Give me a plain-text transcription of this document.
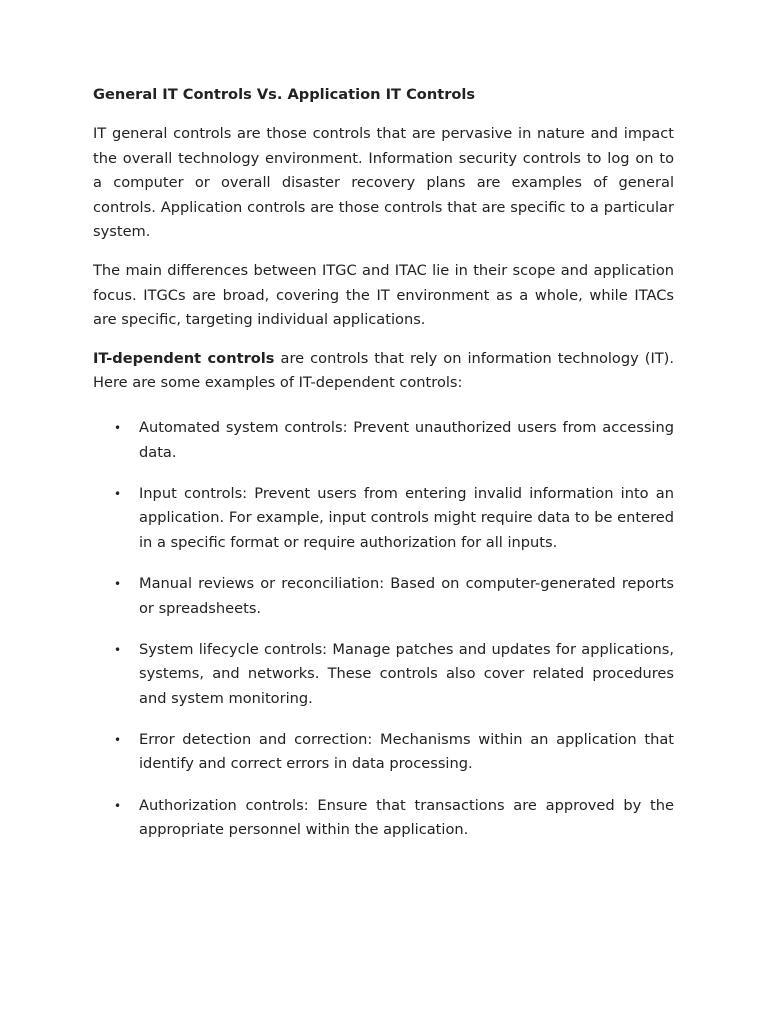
General IT Controls Vs. Application IT Controls

IT general controls are those controls that are pervasive in nature and impact the overall technology environment. Information security controls to log on to a computer or overall disaster recovery plans are examples of general controls. Application controls are those controls that are specific to a particular system.

The main differences between ITGC and ITAC lie in their scope and application focus. ITGCs are broad, covering the IT environment as a whole, while ITACs are specific, targeting individual applications.

IT-dependent controls are controls that rely on information technology (IT). Here are some examples of IT-dependent controls:

• Automated system controls: Prevent unauthorized users from accessing data.
• Input controls: Prevent users from entering invalid information into an application. For example, input controls might require data to be entered in a specific format or require authorization for all inputs.
• Manual reviews or reconciliation: Based on computer-generated reports or spreadsheets.
• System lifecycle controls: Manage patches and updates for applications, systems, and networks. These controls also cover related procedures and system monitoring.
• Error detection and correction: Mechanisms within an application that identify and correct errors in data processing.
• Authorization controls: Ensure that transactions are approved by the appropriate personnel within the application.
